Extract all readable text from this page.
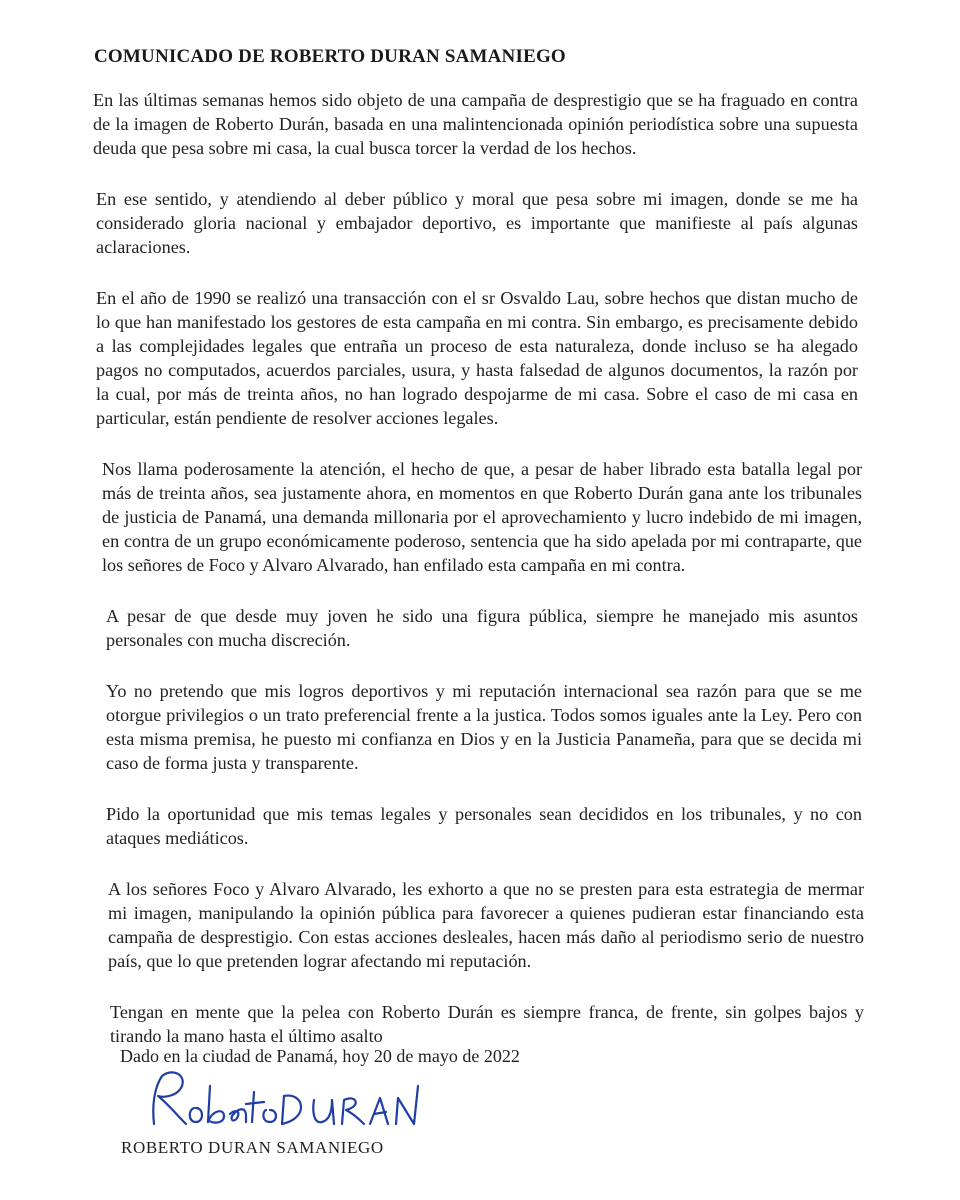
COMUNICADO DE ROBERTO DURAN SAMANIEGO

En las últimas semanas hemos sido objeto de una campaña de desprestigio que se ha fraguado en contra de la imagen de Roberto Durán, basada en una malintencionada opinión periodística sobre una supuesta deuda que pesa sobre mi casa, la cual busca torcer la verdad de los hechos.

En ese sentido, y atendiendo al deber público y moral que pesa sobre mi imagen, donde se me ha considerado gloria nacional y embajador deportivo, es importante que manifieste al país algunas aclaraciones.

En el año de 1990 se realizó una transacción con el sr Osvaldo Lau, sobre hechos que distan mucho de lo que han manifestado los gestores de esta campaña en mi contra. Sin embargo, es precisamente debido a las complejidades legales que entraña un proceso de esta naturaleza, donde incluso se ha alegado pagos no computados, acuerdos parciales, usura, y hasta falsedad de algunos documentos, la razón por la cual, por más de treinta años, no han logrado despojarme de mi casa. Sobre el caso de mi casa en particular, están pendiente de resolver acciones legales.

Nos llama poderosamente la atención, el hecho de que, a pesar de haber librado esta batalla legal por más de treinta años, sea justamente ahora, en momentos en que Roberto Durán gana ante los tribunales de justicia de Panamá, una demanda millonaria por el aprovechamiento y lucro indebido de mi imagen, en contra de un grupo económicamente poderoso, sentencia que ha sido apelada por mi contraparte, que los señores de Foco y Alvaro Alvarado, han enfilado esta campaña en mi contra.

A pesar de que desde muy joven he sido una figura pública, siempre he manejado mis asuntos personales con mucha discreción.

Yo no pretendo que mis logros deportivos y mi reputación internacional sea razón para que se me otorgue privilegios o un trato preferencial frente a la justica. Todos somos iguales ante la Ley. Pero con esta misma premisa, he puesto mi confianza en Dios y en la Justicia Panameña, para que se decida mi caso de forma justa y transparente.

Pido la oportunidad que mis temas legales y personales sean decididos en los tribunales, y no con ataques mediáticos.

A los señores Foco y Alvaro Alvarado, les exhorto a que no se presten para esta estrategia de mermar mi imagen, manipulando la opinión pública para favorecer a quienes pudieran estar financiando esta campaña de desprestigio. Con estas acciones desleales, hacen más daño al periodismo serio de nuestro país, que lo que pretenden lograr afectando mi reputación.

Tengan en mente que la pelea con Roberto Durán es siempre franca, de frente, sin golpes bajos y tirando la mano hasta el último asalto

Dado en la ciudad de Panamá, hoy 20 de mayo de 2022

ROBERTO DURAN SAMANIEGO
